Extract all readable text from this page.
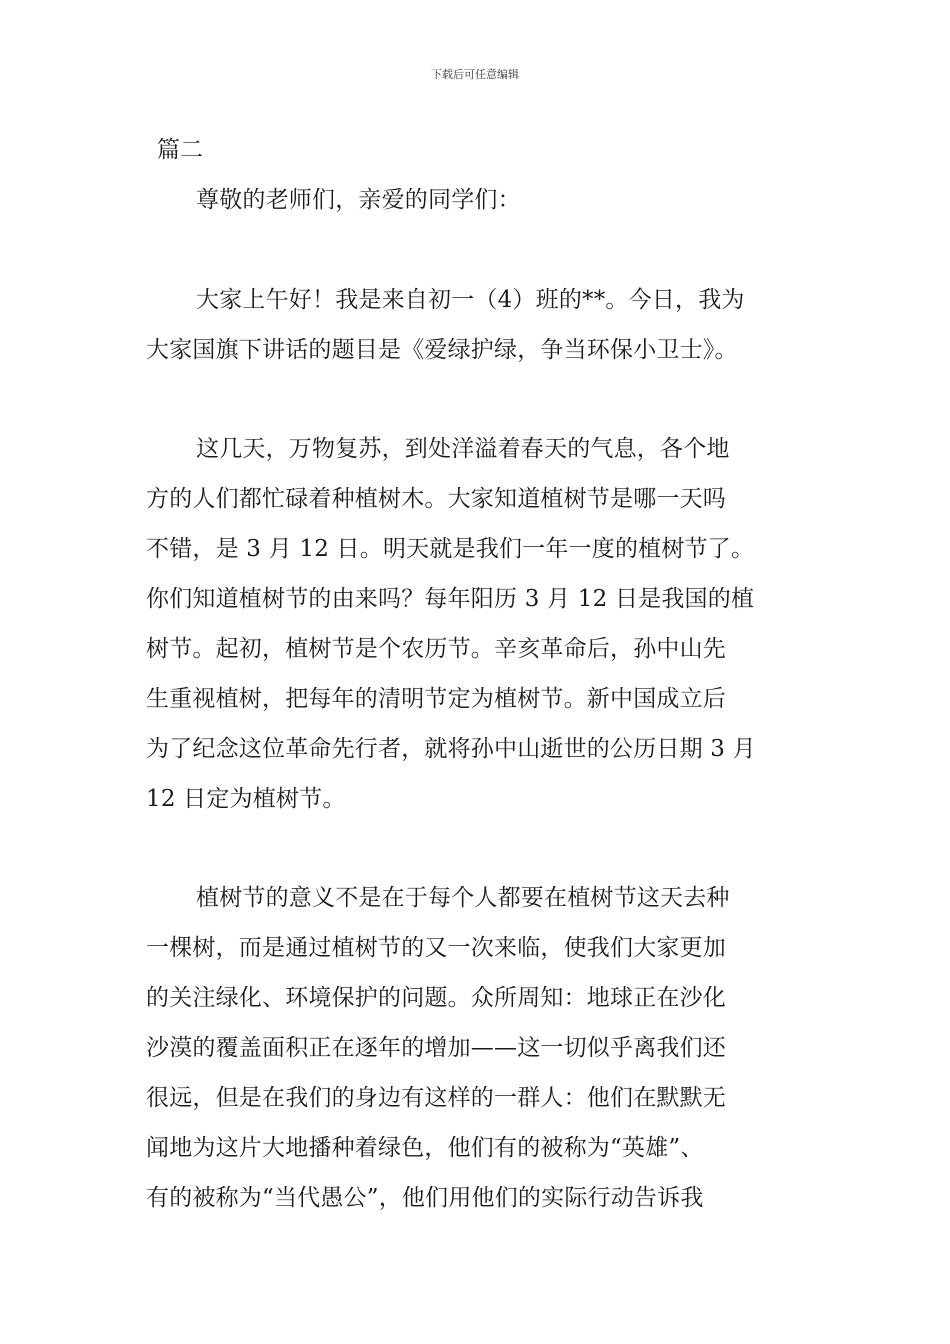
下载后可任意编辑
篇二
尊敬的老师们，亲爱的同学们：
大家上午好！我是来自初一（4）班的**。今日，我为
大家国旗下讲话的题目是《爱绿护绿，争当环保小卫士》。
这几天，万物复苏，到处洋溢着春天的气息，各个地
方的人们都忙碌着种植树木。大家知道植树节是哪一天吗
不错，是 3 月 12 日。明天就是我们一年一度的植树节了。
你们知道植树节的由来吗？每年阳历 3 月 12 日是我国的植
树节。起初，植树节是个农历节。辛亥革命后，孙中山先
生重视植树，把每年的清明节定为植树节。新中国成立后
为了纪念这位革命先行者，就将孙中山逝世的公历日期 3 月
12 日定为植树节。
植树节的意义不是在于每个人都要在植树节这天去种
一棵树，而是通过植树节的又一次来临，使我们大家更加
的关注绿化、环境保护的问题。众所周知：地球正在沙化
沙漠的覆盖面积正在逐年的增加——这一切似乎离我们还
很远，但是在我们的身边有这样的一群人：他们在默默无
闻地为这片大地播种着绿色，他们有的被称为“英雄”、
有的被称为“当代愚公”，他们用他们的实际行动告诉我
